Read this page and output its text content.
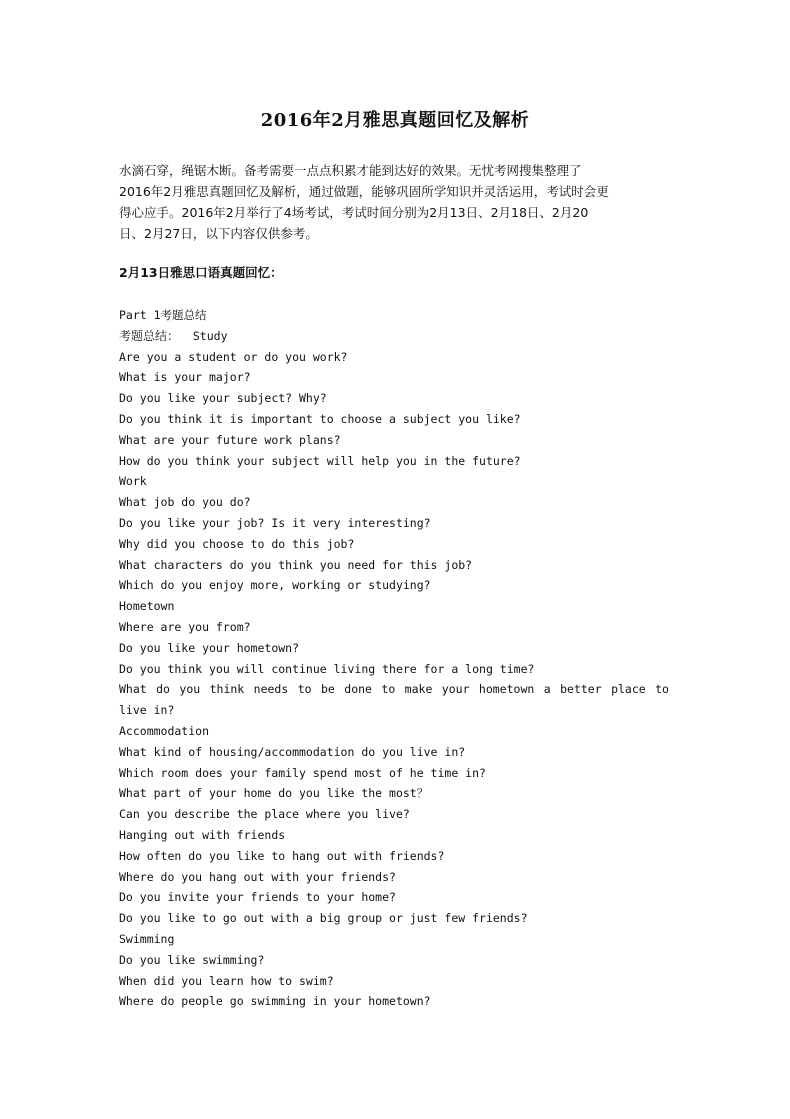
2016年2月雅思真题回忆及解析
水滴石穿，绳锯木断。备考需要一点点积累才能到达好的效果。无忧考网搜集整理了
2016年2月雅思真题回忆及解析，通过做题，能够巩固所学知识并灵活运用，考试时会更
得心应手。2016年2月举行了4场考试，考试时间分别为2月13日、2月18日、2月20
日、2月27日，以下内容仅供参考。
2月13日雅思口语真题回忆：
Part 1考题总结
考题总结： Study
Are you a student or do you work?
What is your major?
Do you like your subject? Why?
Do you think it is important to choose a subject you like?
What are your future work plans?
How do you think your subject will help you in the future?
Work
What job do you do?
Do you like your job? Is it very interesting?
Why did you choose to do this job?
What characters do you think you need for this job?
Which do you enjoy more, working or studying?
Hometown
Where are you from?
Do you like your hometown?
Do you think you will continue living there for a long time?
What do you think needs to be done to make your hometown a better place to
live in?
Accommodation
What kind of housing/accommodation do you live in?
Which room does your family spend most of he time in?
What part of your home do you like the most？
Can you describe the place where you live?
Hanging out with friends
How often do you like to hang out with friends?
Where do you hang out with your friends?
Do you invite your friends to your home?
Do you like to go out with a big group or just few friends?
Swimming
Do you like swimming?
When did you learn how to swim?
Where do people go swimming in your hometown?
